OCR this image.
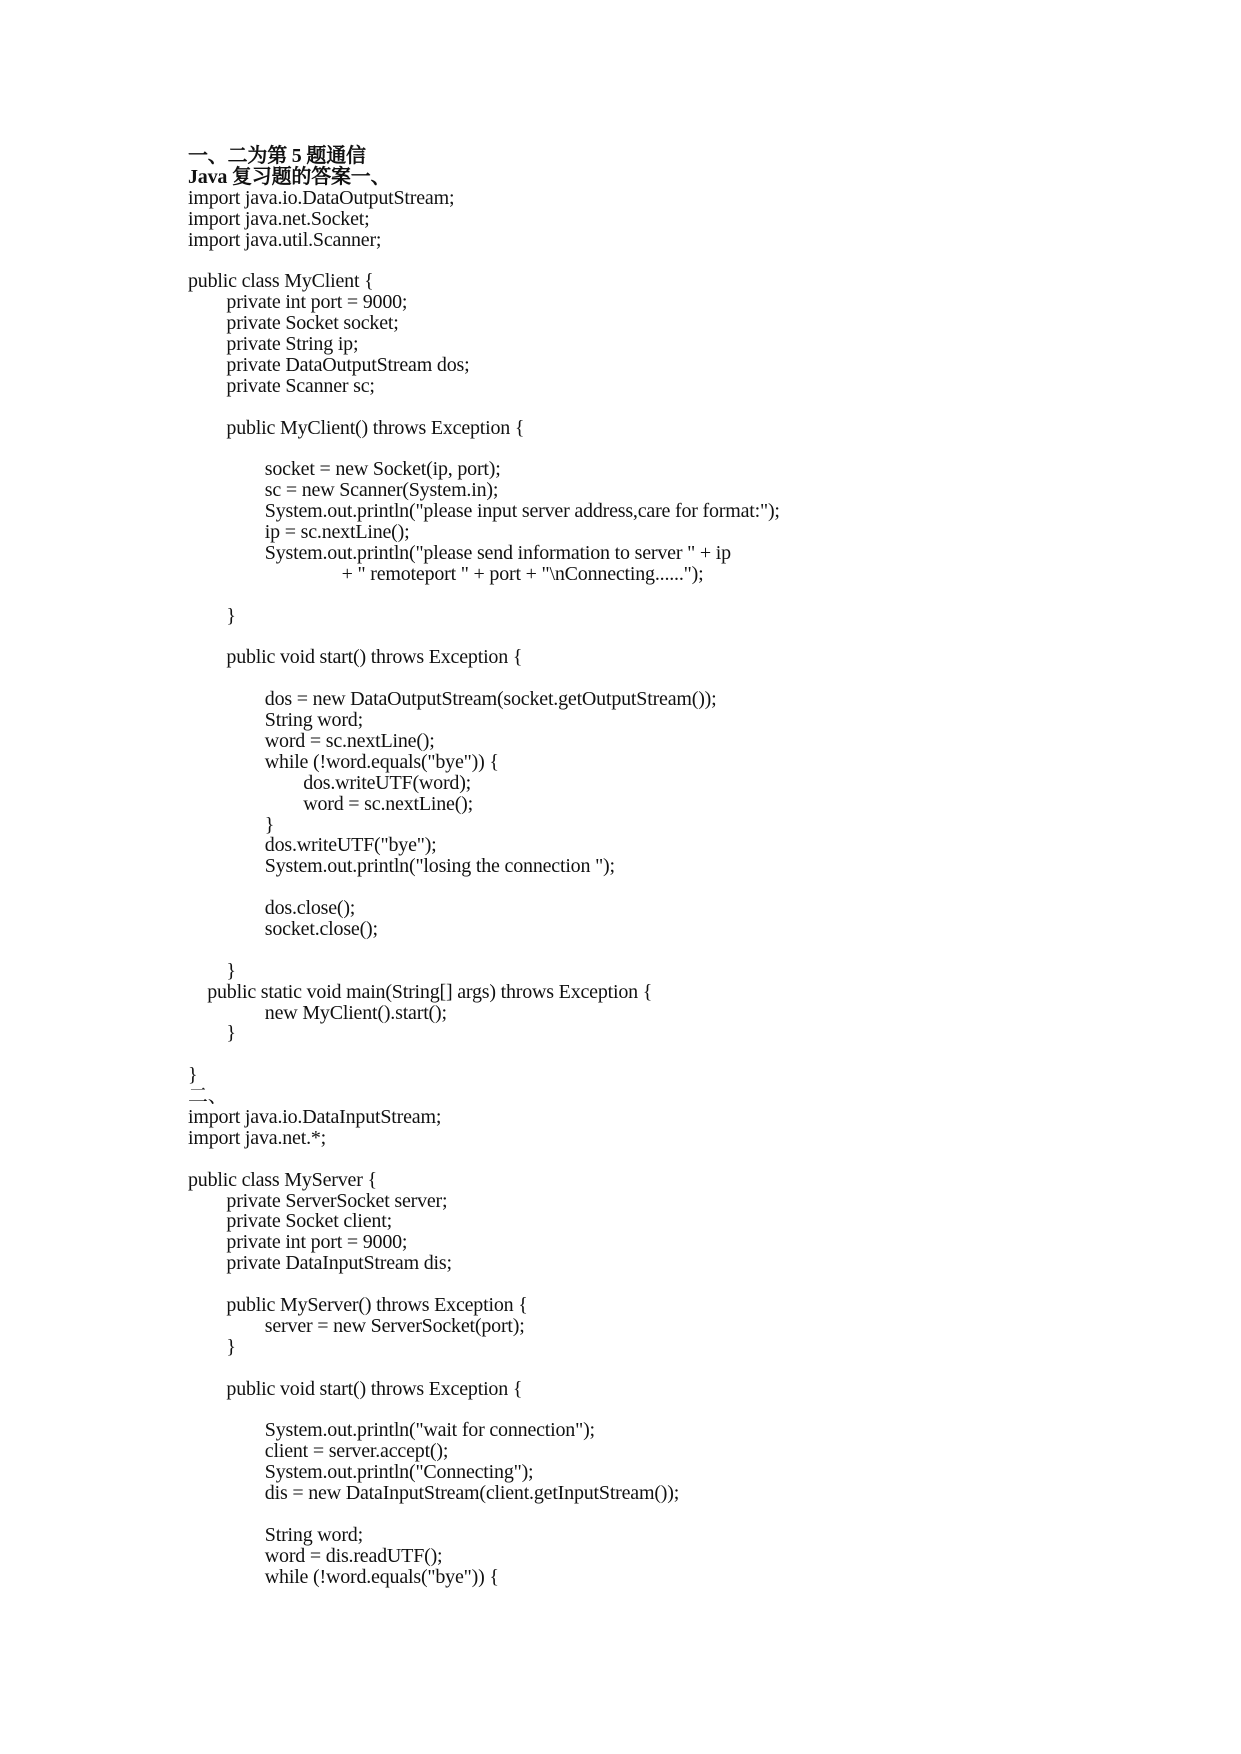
一、二为第 5 题通信
Java 复习题的答案一、
import java.io.DataOutputStream;
import java.net.Socket;
import java.util.Scanner;
public class MyClient {
private int port = 9000;
private Socket socket;
private String ip;
private DataOutputStream dos;
private Scanner sc;
public MyClient() throws Exception {
socket = new Socket(ip, port);
sc = new Scanner(System.in);
System.out.println("please input server address,care for format:");
ip = sc.nextLine();
System.out.println("please send information to server " + ip
+ " remoteport " + port + "\nConnecting......");
}
public void start() throws Exception {
dos = new DataOutputStream(socket.getOutputStream());
String word;
word = sc.nextLine();
while (!word.equals("bye")) {
dos.writeUTF(word);
word = sc.nextLine();
}
dos.writeUTF("bye");
System.out.println("losing the connection ");
dos.close();
socket.close();
}
public static void main(String[] args) throws Exception {
new MyClient().start();
}
}
二、
import java.io.DataInputStream;
import java.net.*;
public class MyServer {
private ServerSocket server;
private Socket client;
private int port = 9000;
private DataInputStream dis;
public MyServer() throws Exception {
server = new ServerSocket(port);
}
public void start() throws Exception {
System.out.println("wait for connection");
client = server.accept();
System.out.println("Connecting");
dis = new DataInputStream(client.getInputStream());
String word;
word = dis.readUTF();
while (!word.equals("bye")) {
